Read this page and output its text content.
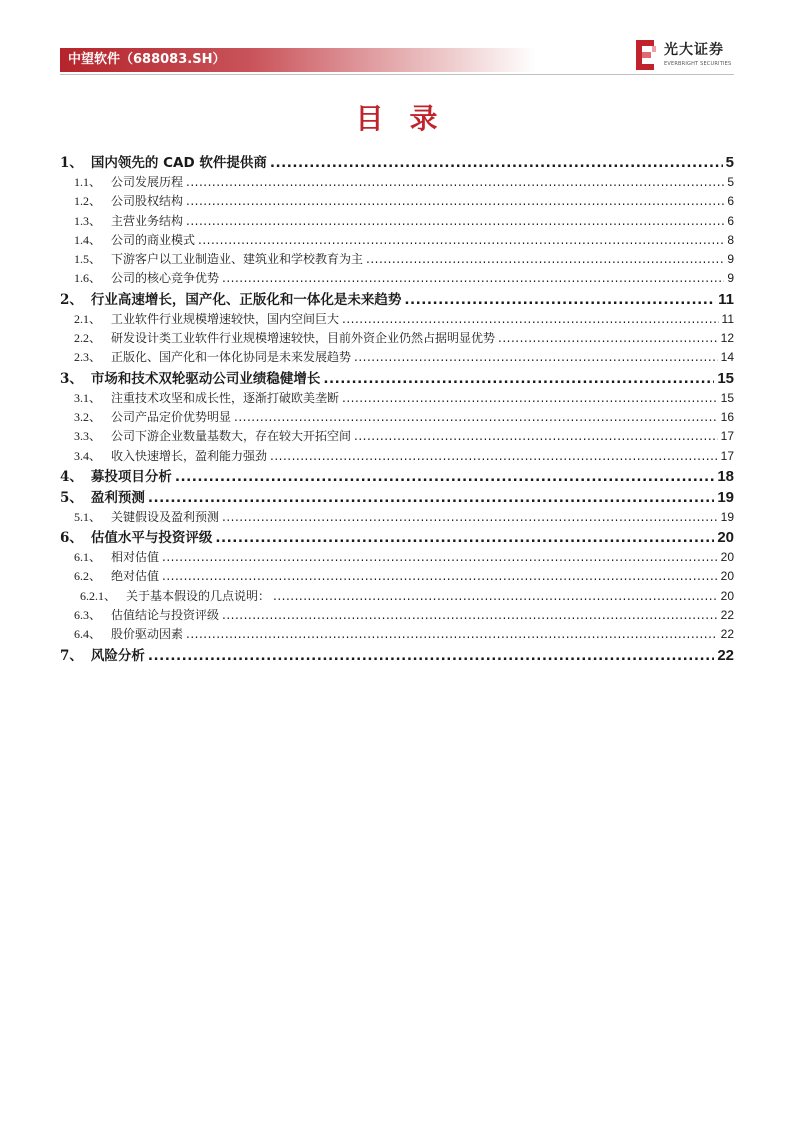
中望软件（688083.SH）
光大证券
EVERBRIGHT SECURITIES
目录
1 、 国内领先的 CAD 软件提供商 .....	5
1.1 、 公司发展历程 .....	5
1.2 、 公司股权结构 .....	6
1.3 、 主营业务结构 .....	6
1.4 、 公司的商业模式 .....	8
1.5 、 下游客户以工业制造业、建筑业和学校教育为主 .....	9
1.6 、 公司的核心竞争优势 .....	9
2 、 行业高速增长，国产化、正版化和一体化是未来趋势 .....	11
2.1 、 工业软件行业规模增速较快，国内空间巨大 .....	11
2.2 、 研发设计类工业软件行业规模增速较快，目前外资企业仍然占据明显优势 .....	12
2.3 、 正版化、国产化和一体化协同是未来发展趋势 .....	14
3 、 市场和技术双轮驱动公司业绩稳健增长 .....	15
3.1 、 注重技术攻坚和成长性，逐渐打破欧美垄断 .....	15
3.2 、 公司产品定价优势明显 .....	16
3.3 、 公司下游企业数量基数大，存在较大开拓空间 .....	17
3.4 、 收入快速增长，盈利能力强劲 .....	17
4 、 募投项目分析 .....	18
5 、 盈利预测 .....	19
5.1 、 关键假设及盈利预测 .....	19
6 、 估值水平与投资评级 .....	20
6.1 、 相对估值 .....	20
6.2 、 绝对估值 .....	20
6.2.1 、 关于基本假设的几点说明： .....	20
6.3 、 估值结论与投资评级 .....	22
6.4 、 股价驱动因素 .....	22
7 、 风险分析 .....	22
